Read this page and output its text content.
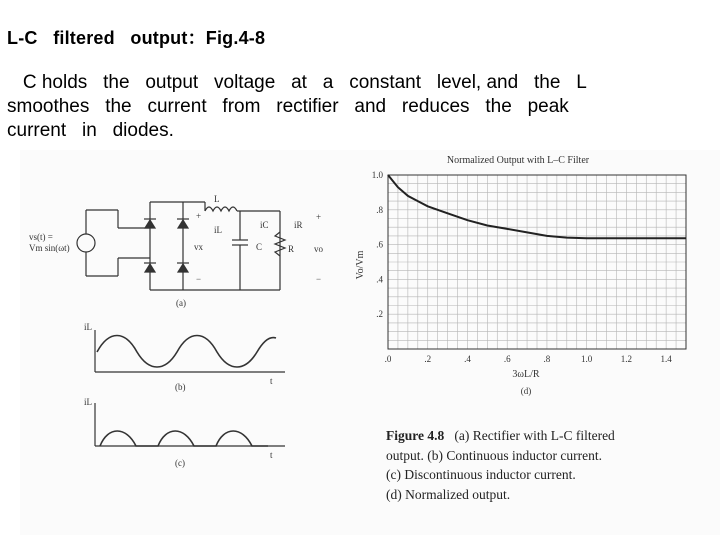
L-C   filtered   output：Fig.4-8
C holds   the   output   voltage   at   a   constant   level, and   the   L
smoothes   the   current   from   rectifier   and   reduces   the   peak
current   in   diodes.
vs(t) =
Vm sin(ωt)
L
iL	iC	iR
vx	C	R vo
+	+
−	−
(a)
iL
t
(b)
iL
t
(c)
Normalized Output with L–C Filter
.0	.2	.4	.6	.8	1.0	1.2	1.4
1.0
.8
.6
.4
.2
Vo/Vm
3ωL/R
(d)
Figure 4.8 (a) Rectifier with L-C filtered
output. (b) Continuous inductor current.
(c) Discontinuous inductor current.
(d) Normalized output.
